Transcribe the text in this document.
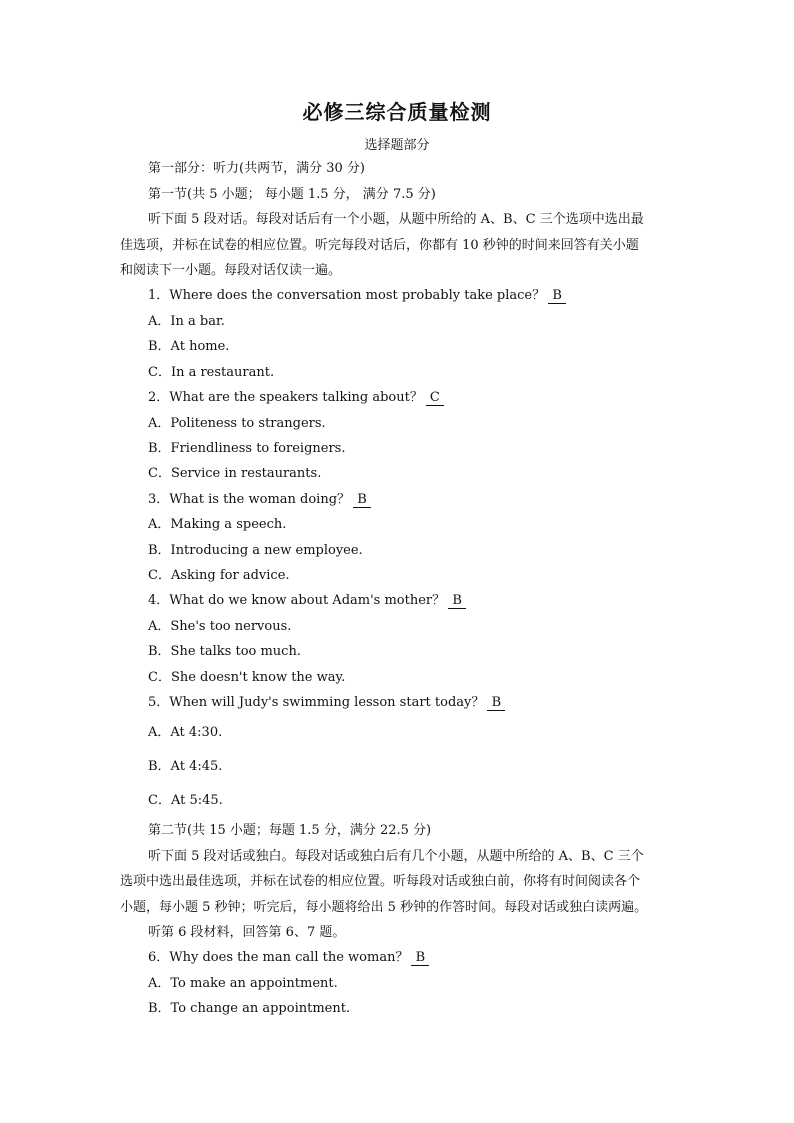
必修三综合质量检测
选择题部分
第一部分：听力(共两节，满分 30 分)
第一节(共 5 小题； 每小题 1.5 分， 满分 7.5 分)
听下面 5 段对话。每段对话后有一个小题，从题中所给的 A、B、C 三个选项中选出最
佳选项，并标在试卷的相应位置。听完每段对话后，你都有 10 秒钟的时间来回答有关小题
和阅读下一小题。每段对话仅读一遍。
1．Where does the conversation most probably take place？ B
A．In a bar.
B．At home.
C．In a restaurant.
2．What are the speakers talking about？ C
A．Politeness to strangers.
B．Friendliness to foreigners.
C．Service in restaurants.
3．What is the woman doing？ B
A．Making a speech.
B．Introducing a new employee.
C．Asking for advice.
4．What do we know about Adam's mother？ B
A．She's too nervous.
B．She talks too much.
C．She doesn't know the way.
5．When will Judy's swimming lesson start today？ B
A．At 4:30.
B．At 4:45.
C．At 5:45.
第二节(共 15 小题；每题 1.5 分，满分 22.5 分)
听下面 5 段对话或独白。每段对话或独白后有几个小题，从题中所给的 A、B、C 三个
选项中选出最佳选项，并标在试卷的相应位置。听每段对话或独白前，你将有时间阅读各个
小题，每小题 5 秒钟；听完后，每小题将给出 5 秒钟的作答时间。每段对话或独白读两遍。
听第 6 段材料，回答第 6、7 题。
6．Why does the man call the woman？ B
A．To make an appointment.
B．To change an appointment.
